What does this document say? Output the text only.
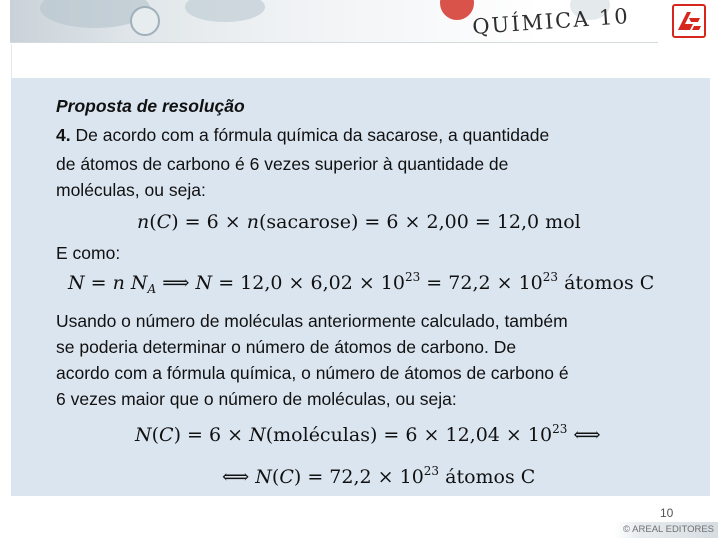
QUÍMICA 10
Proposta de resolução
4. De acordo com a fórmula química da sacarose, a quantidade
de átomos de carbono é 6 vezes superior à quantidade de
moléculas, ou seja:
n(C) = 6 × n(sacarose) = 6 × 2,00 = 12,0 mol
E como:
N = n $N_A$ ⟹ $N = 12,0 \times 6,02 \times 10^{23} = 72,2 \times 10^{23}$ átomos C
Usando o número de moléculas anteriormente calculado, também
se poderia determinar o número de átomos de carbono. De
acordo com a fórmula química, o número de átomos de carbono é
6 vezes maior que o número de moléculas, ou seja:
N(C) = 6 × N(moléculas) = $6 \times 12,04 \times 10^{23}$ ⟺
⟺ $N(C) = 72,2 \times 10^{23}$ átomos C
10
© AREAL EDITORES
